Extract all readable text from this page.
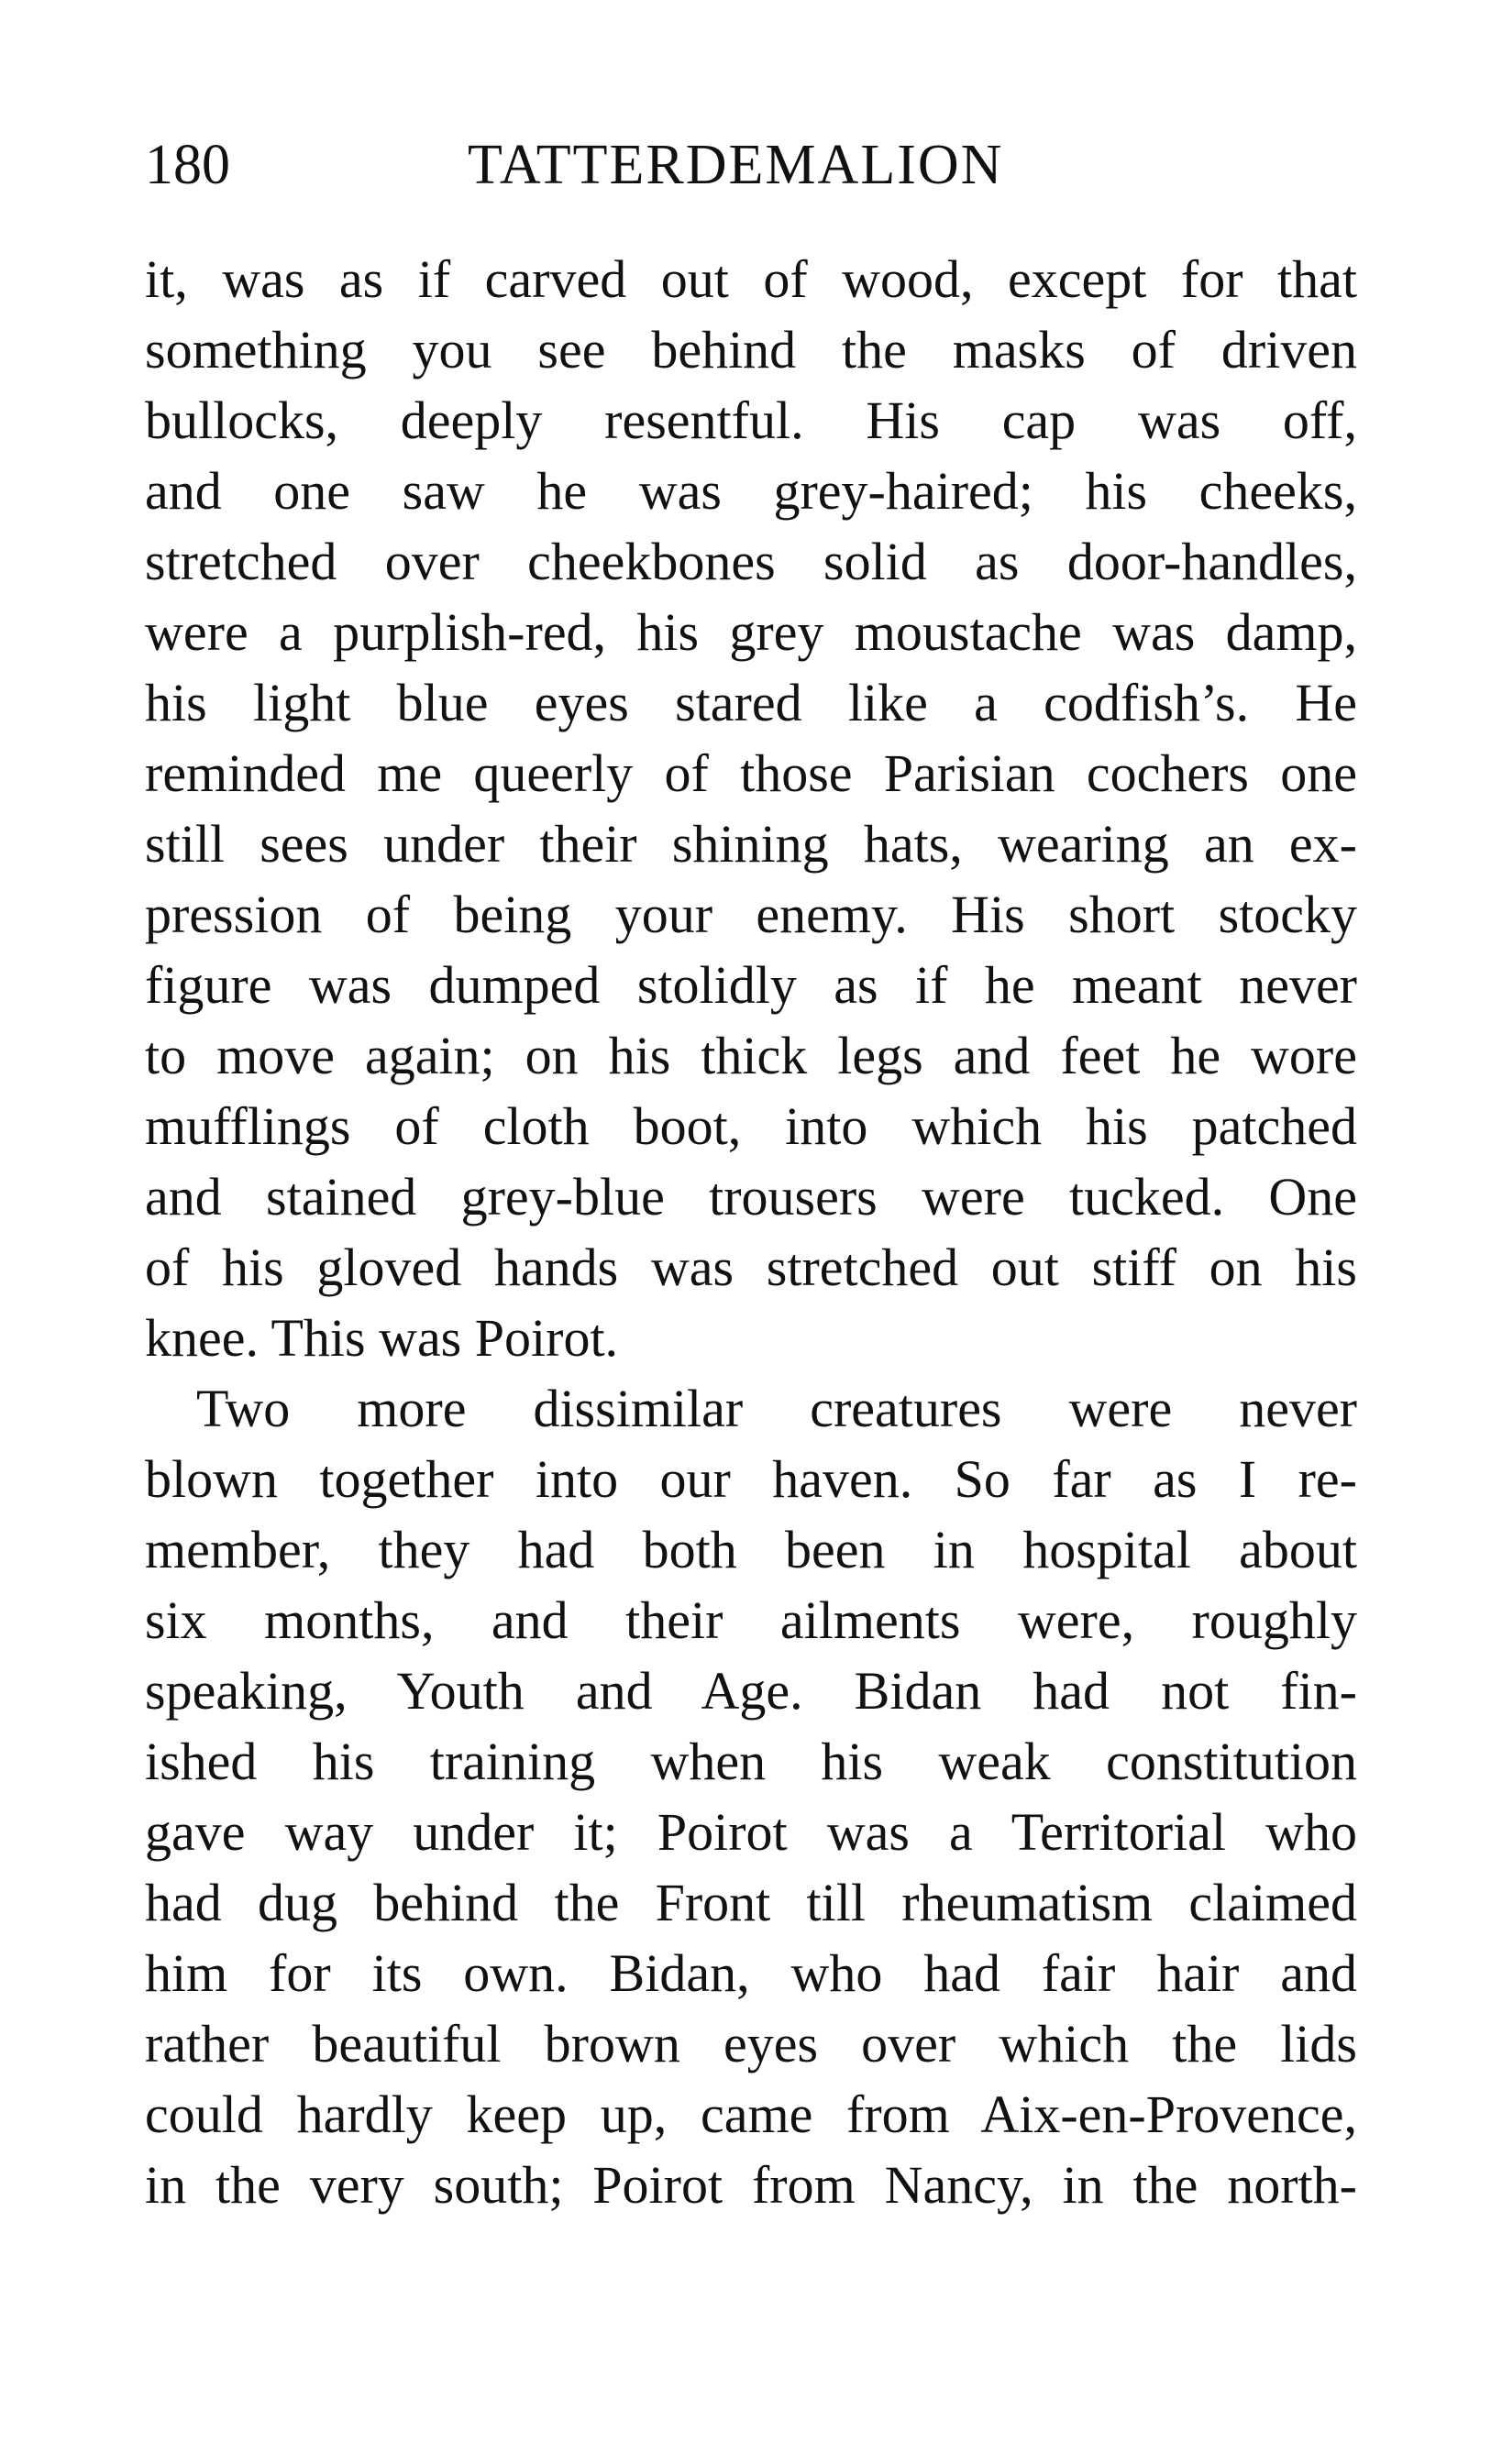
180	TATTERDEMALION
it, was as if carved out of wood, except for that
something you see behind the masks of driven
bullocks, deeply resentful. His cap was off,
and one saw he was grey-haired; his cheeks,
stretched over cheekbones solid as door-handles,
were a purplish-red, his grey moustache was damp,
his light blue eyes stared like a codfish’s. He
reminded me queerly of those Parisian cochers one
still sees under their shining hats, wearing an ex-
pression of being your enemy. His short stocky
figure was dumped stolidly as if he meant never
to move again; on his thick legs and feet he wore
mufflings of cloth boot, into which his patched
and stained grey-blue trousers were tucked. One
of his gloved hands was stretched out stiff on his
knee. This was Poirot.
Two more dissimilar creatures were never
blown together into our haven. So far as I re-
member, they had both been in hospital about
six months, and their ailments were, roughly
speaking, Youth and Age. Bidan had not fin-
ished his training when his weak constitution
gave way under it; Poirot was a Territorial who
had dug behind the Front till rheumatism claimed
him for its own. Bidan, who had fair hair and
rather beautiful brown eyes over which the lids
could hardly keep up, came from Aix-en-Provence,
in the very south; Poirot from Nancy, in the north-
